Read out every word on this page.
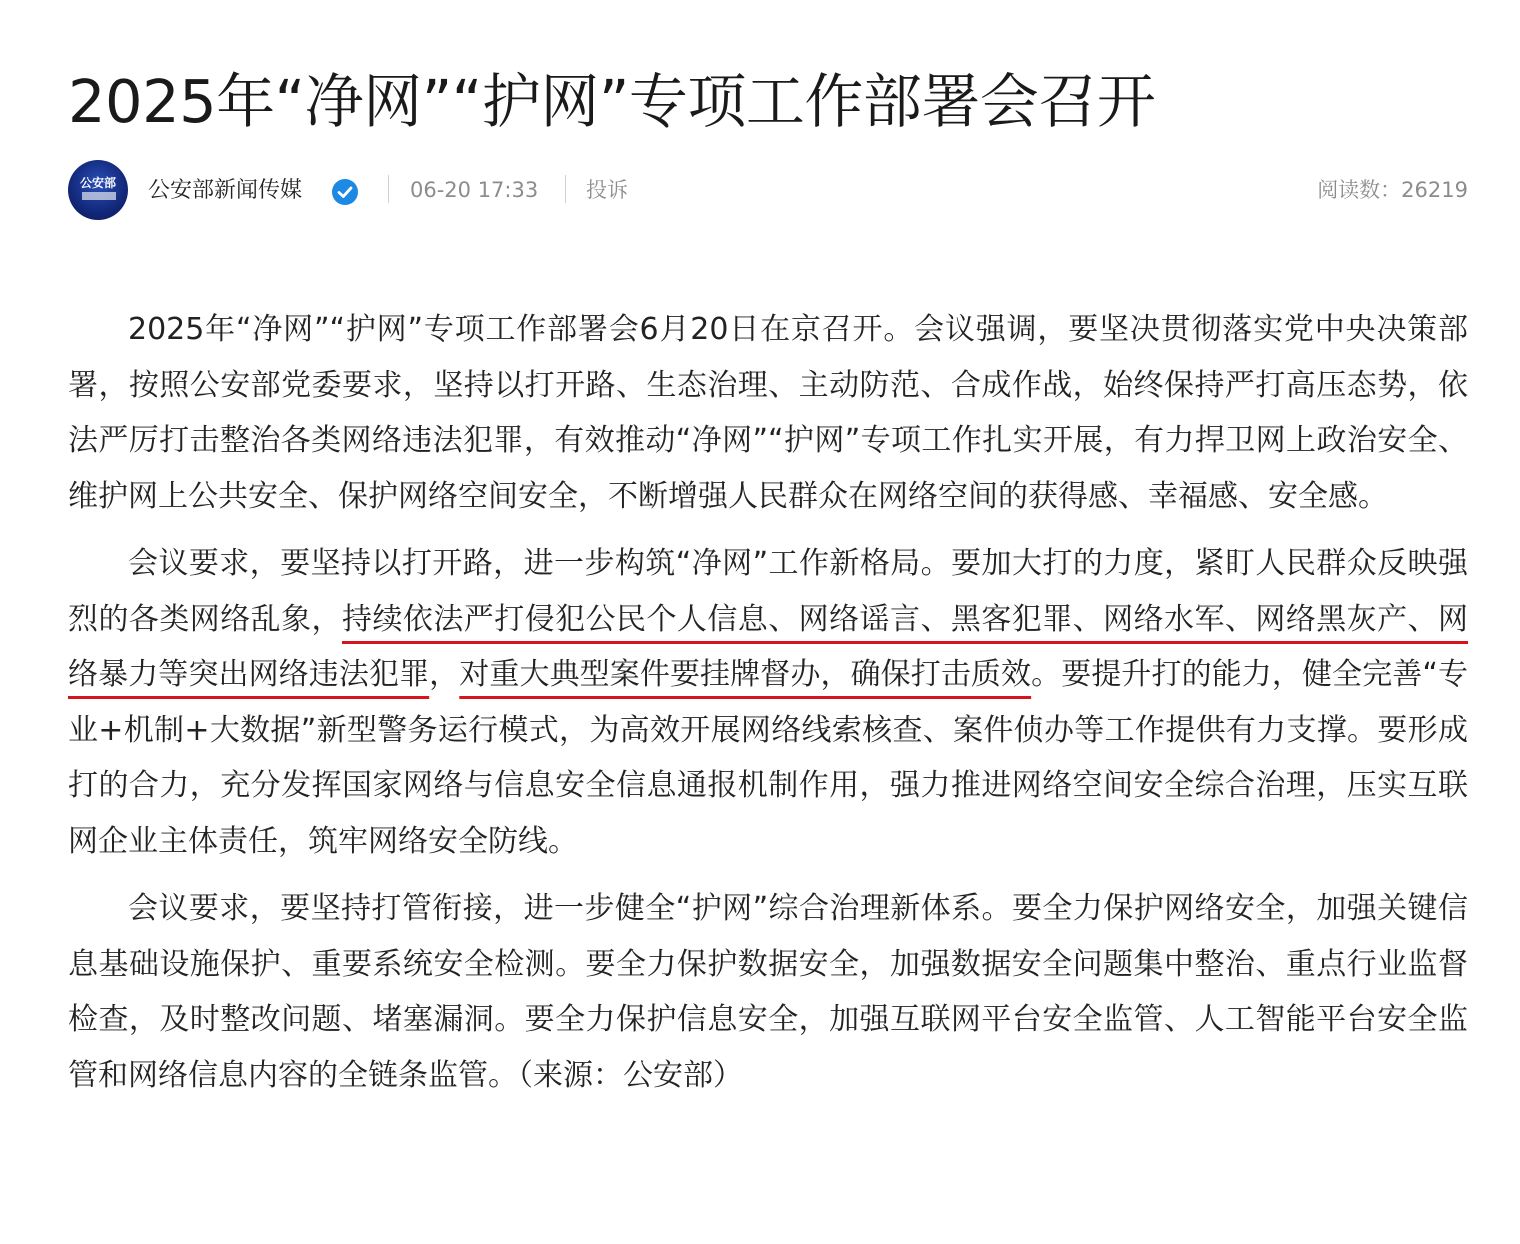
2025年“净网”“护网”专项工作部署会召开
公安部 公安部新闻传媒	06-20 17:33 投诉	阅读数：26219

2025年“净网”“护网”专项工作部署会6月20日在京召开。会议强调，要坚决贯彻落实党中央决策部署，按照公安部党委要求，坚持以打开路、生态治理、主动防范、合成作战，始终保持严打高压态势，依法严厉打击整治各类网络违法犯罪，有效推动“净网”“护网”专项工作扎实开展，有力捍卫网上政治安全、维护网上公共安全、保护网络空间安全，不断增强人民群众在网络空间的获得感、幸福感、安全感。

会议要求，要坚持以打开路，进一步构筑“净网”工作新格局。要加大打的力度，紧盯人民群众反映强烈的各类网络乱象，持续依法严打侵犯公民个人信息、网络谣言、黑客犯罪、网络水军、网络黑灰产、网络暴力等突出网络违法犯罪，对重大典型案件要挂牌督办，确保打击质效。要提升打的能力，健全完善“专业+机制+大数据”新型警务运行模式，为高效开展网络线索核查、案件侦办等工作提供有力支撑。要形成打的合力，充分发挥国家网络与信息安全信息通报机制作用，强力推进网络空间安全综合治理，压实互联网企业主体责任，筑牢网络安全防线。

会议要求，要坚持打管衔接，进一步健全“护网”综合治理新体系。要全力保护网络安全，加强关键信息基础设施保护、重要系统安全检测。要全力保护数据安全，加强数据安全问题集中整治、重点行业监督检查，及时整改问题、堵塞漏洞。要全力保护信息安全，加强互联网平台安全监管、人工智能平台安全监管和网络信息内容的全链条监管。（来源：公安部）
